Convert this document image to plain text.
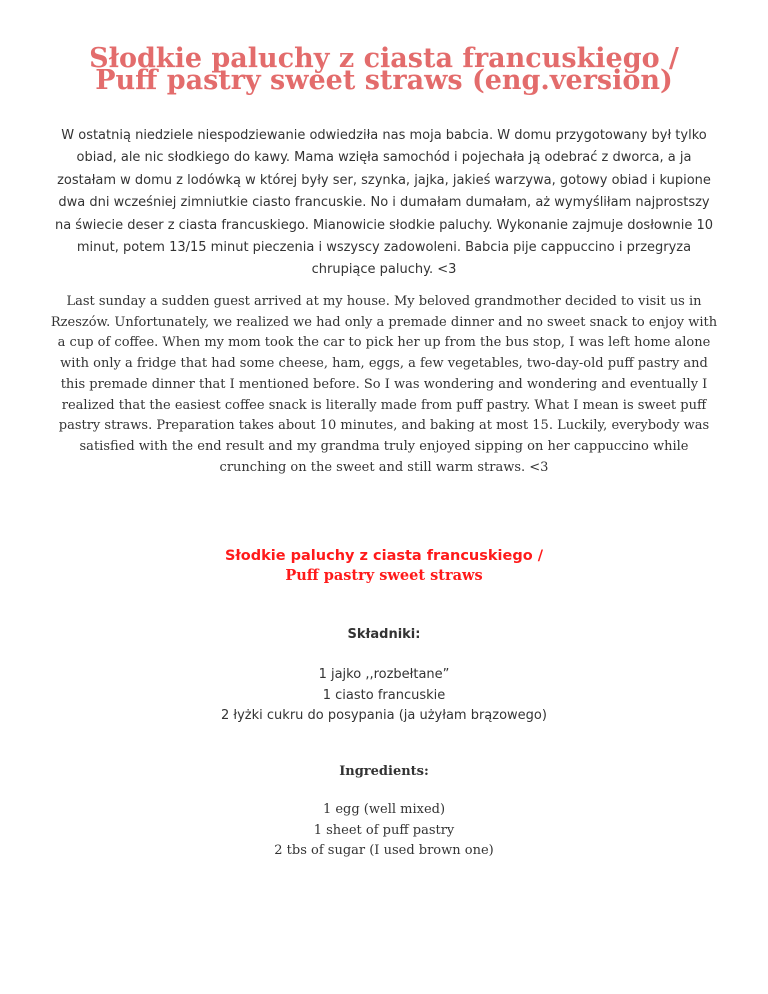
Słodkie paluchy z ciasta francuskiego /
Puff pastry sweet straws (eng.version)

W ostatnią niedziele niespodziewanie odwiedziła nas moja babcia. W domu przygotowany był tylko obiad, ale nic słodkiego do kawy. Mama wzięła samochód i pojechała ją odebrać z dworca, a ja zostałam w domu z lodówką w której były ser, szynka, jajka, jakieś warzywa, gotowy obiad i kupione dwa dni wcześniej zimniutkie ciasto francuskie. No i dumałam dumałam, aż wymyśliłam najprostszy na świecie deser z ciasta francuskiego. Mianowicie słodkie paluchy. Wykonanie zajmuje dosłownie 10 minut, potem 13/15 minut pieczenia i wszyscy zadowoleni. Babcia pije cappuccino i przegryza chrupiące paluchy. <3

Last sunday a sudden guest arrived at my house. My beloved grandmother decided to visit us in Rzeszów. Unfortunately, we realized we had only a premade dinner and no sweet snack to enjoy with a cup of coffee. When my mom took the car to pick her up from the bus stop, I was left home alone with only a fridge that had some cheese, ham, eggs, a few vegetables, two-day-old puff pastry and this premade dinner that I mentioned before. So I was wondering and wondering and eventually I realized that the easiest coffee snack is literally made from puff pastry. What I mean is sweet puff pastry straws. Preparation takes about 10 minutes, and baking at most 15. Luckily, everybody was satisfied with the end result and my grandma truly enjoyed sipping on her cappuccino while crunching on the sweet and still warm straws. <3

Słodkie paluchy z ciasta francuskiego /
Puff pastry sweet straws

Składniki:

1 jajko ,,rozbełtane”
1 ciasto francuskie
2 łyżki cukru do posypania (ja użyłam brązowego)

Ingredients:

1 egg (well mixed)
1 sheet of puff pastry
2 tbs of sugar (I used brown one)
